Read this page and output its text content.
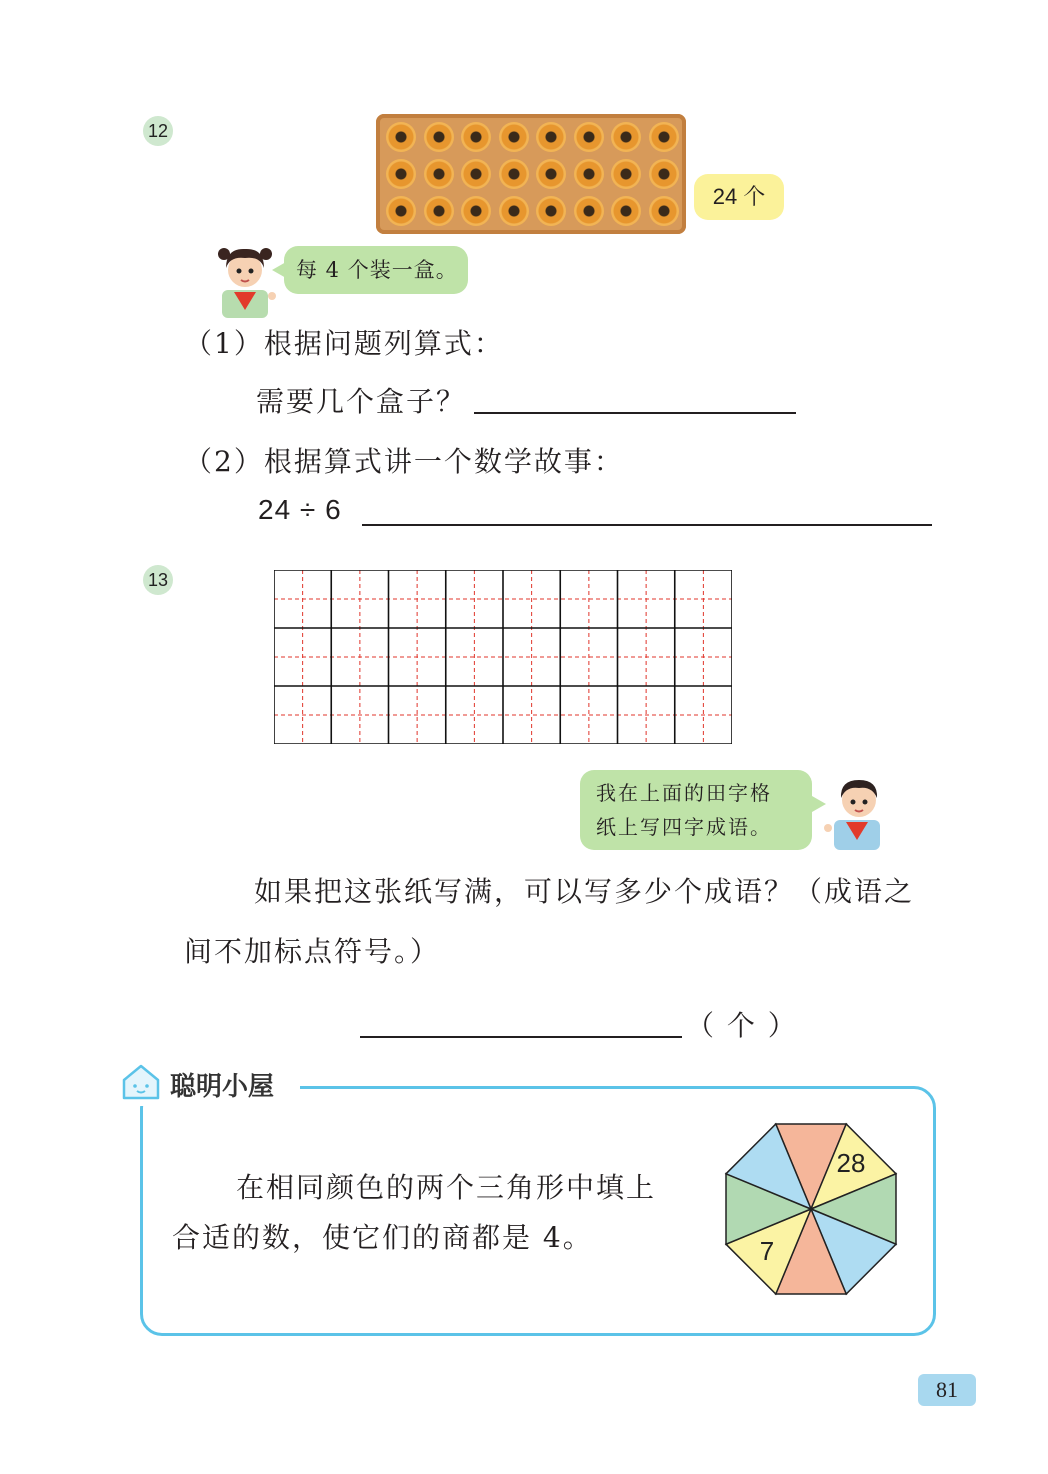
12
24 个
每 4 个装一盒。
（1）根据问题列算式：
需要几个盒子？
（2）根据算式讲一个数学故事：
24 ÷ 6
13
我在上面的田字格
纸上写四字成语。
如果把这张纸写满，可以写多少个成语？（成语之
间不加标点符号。）
（ 个 ）
聪明小屋
在相同颜色的两个三角形中填上
合适的数，使它们的商都是 4。
28
7
81
